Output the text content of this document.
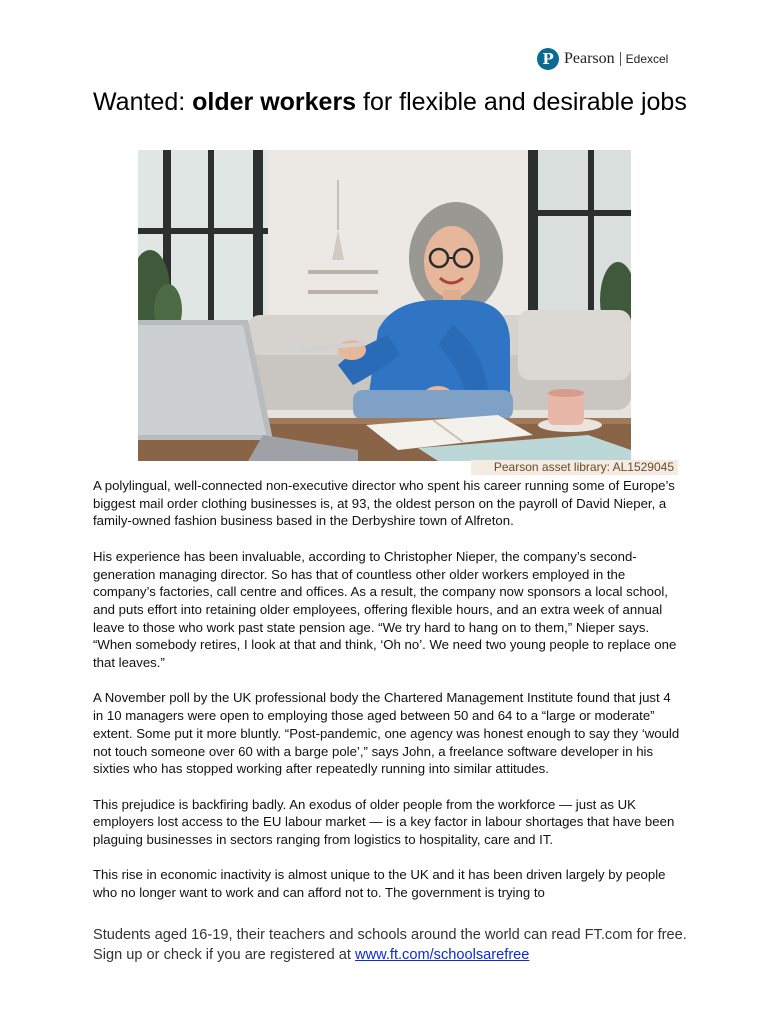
P Pearson Edexcel
Wanted: older workers for flexible and desirable jobs
Pearson asset library: AL1529045

A polylingual, well-connected non-executive director who spent his career running some of Europe’s biggest mail order clothing businesses is, at 93, the oldest person on the payroll of David Nieper, a family-owned fashion business based in the Derbyshire town of Alfreton.

His experience has been invaluable, according to Christopher Nieper, the company’s second-generation managing director. So has that of countless other older workers employed in the company’s factories, call centre and offices. As a result, the company now sponsors a local school, and puts effort into retaining older employees, offering flexible hours, and an extra week of annual leave to those who work past state pension age. “We try hard to hang on to them,” Nieper says. “When somebody retires, I look at that and think, ‘Oh no’. We need two young people to replace one that leaves.”

A November poll by the UK professional body the Chartered Management Institute found that just 4 in 10 managers were open to employing those aged between 50 and 64 to a “large or moderate” extent. Some put it more bluntly. “Post-pandemic, one agency was honest enough to say they ‘would not touch someone over 60 with a barge pole’,” says John, a freelance software developer in his sixties who has stopped working after repeatedly running into similar attitudes.

This prejudice is backfiring badly. An exodus of older people from the workforce — just as UK employers lost access to the EU labour market — is a key factor in labour shortages that have been plaguing businesses in sectors ranging from logistics to hospitality, care and IT.

This rise in economic inactivity is almost unique to the UK and it has been driven largely by people who no longer want to work and can afford not to. The government is trying to

Students aged 16-19, their teachers and schools around the world can read FT.com for free. Sign up or check if you are registered at www.ft.com/schoolsarefree
